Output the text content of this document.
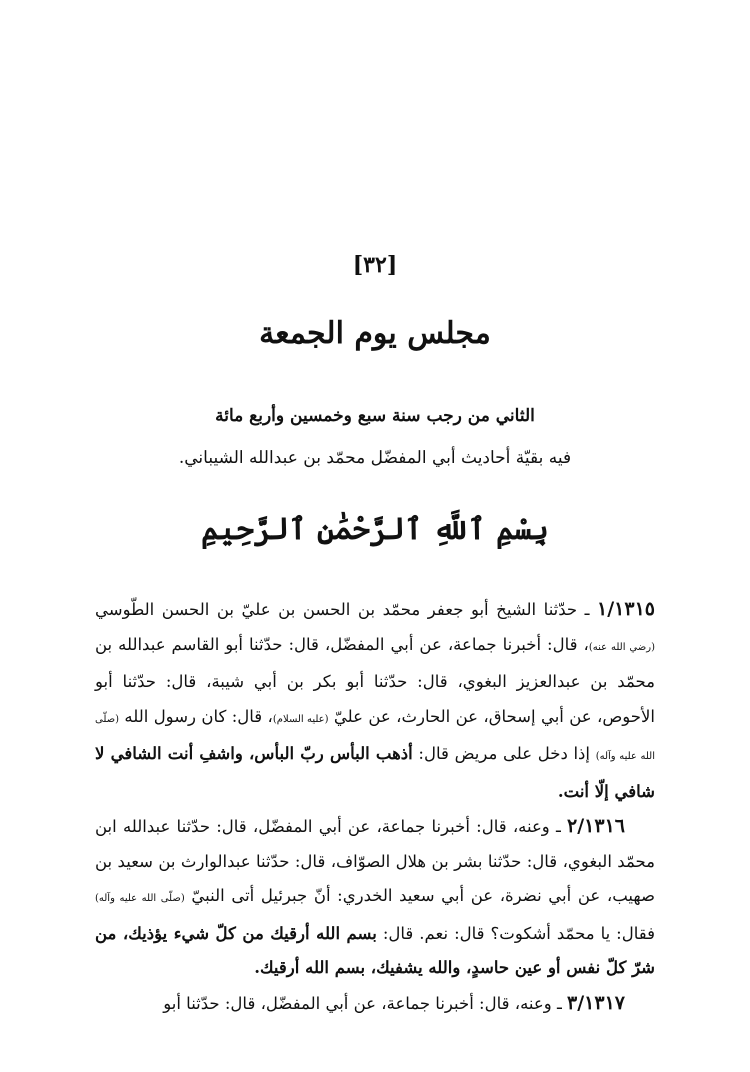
[٣٢]
مجلس يوم الجمعة
الثاني من رجب سنة سبع وخمسين وأربع مائة
فيه بقيّة أحاديث أبي المفضّل محمّد بن عبدالله الشيباني.
بِسْمِ ٱللَّهِ ٱلرَّحْمَٰنِ ٱلرَّحِيمِ

١/١٣١٥ ـ حدّثنا الشيخ أبو جعفر محمّد بن الحسن بن عليّ بن الحسن الطّوسي (رضي الله عنه)، قال: أخبرنا جماعة، عن أبي المفضّل، قال: حدّثنا أبو القاسم عبدالله بن محمّد بن عبدالعزيز البغوي، قال: حدّثنا أبو بكر بن أبي شيبة، قال: حدّثنا أبو الأحوص، عن أبي إسحاق، عن الحارث، عن عليّ (عليه السلام)، قال: كان رسول الله (صلّى الله عليه وآله) إذا دخل على مريض قال: أذهب البأس ربّ البأس، واشفِ أنت الشافي لا شافي إلّا أنت.

٢/١٣١٦ ـ وعنه، قال: أخبرنا جماعة، عن أبي المفضّل، قال: حدّثنا عبدالله ابن محمّد البغوي، قال: حدّثنا بشر بن هلال الصوّاف، قال: حدّثنا عبدالوارث بن سعيد بن صهيب، عن أبي نضرة، عن أبي سعيد الخدري: أنّ جبرئيل أتى النبيّ (صلّى الله عليه وآله) فقال: يا محمّد أشكوت؟ قال: نعم. قال: بسم الله أرقيك من كلّ شيء يؤذيك، من شرّ كلّ نفس أو عين حاسدٍ، والله يشفيك، بسم الله أرقيك.

٣/١٣١٧ ـ وعنه، قال: أخبرنا جماعة، عن أبي المفضّل، قال: حدّثنا أبو
